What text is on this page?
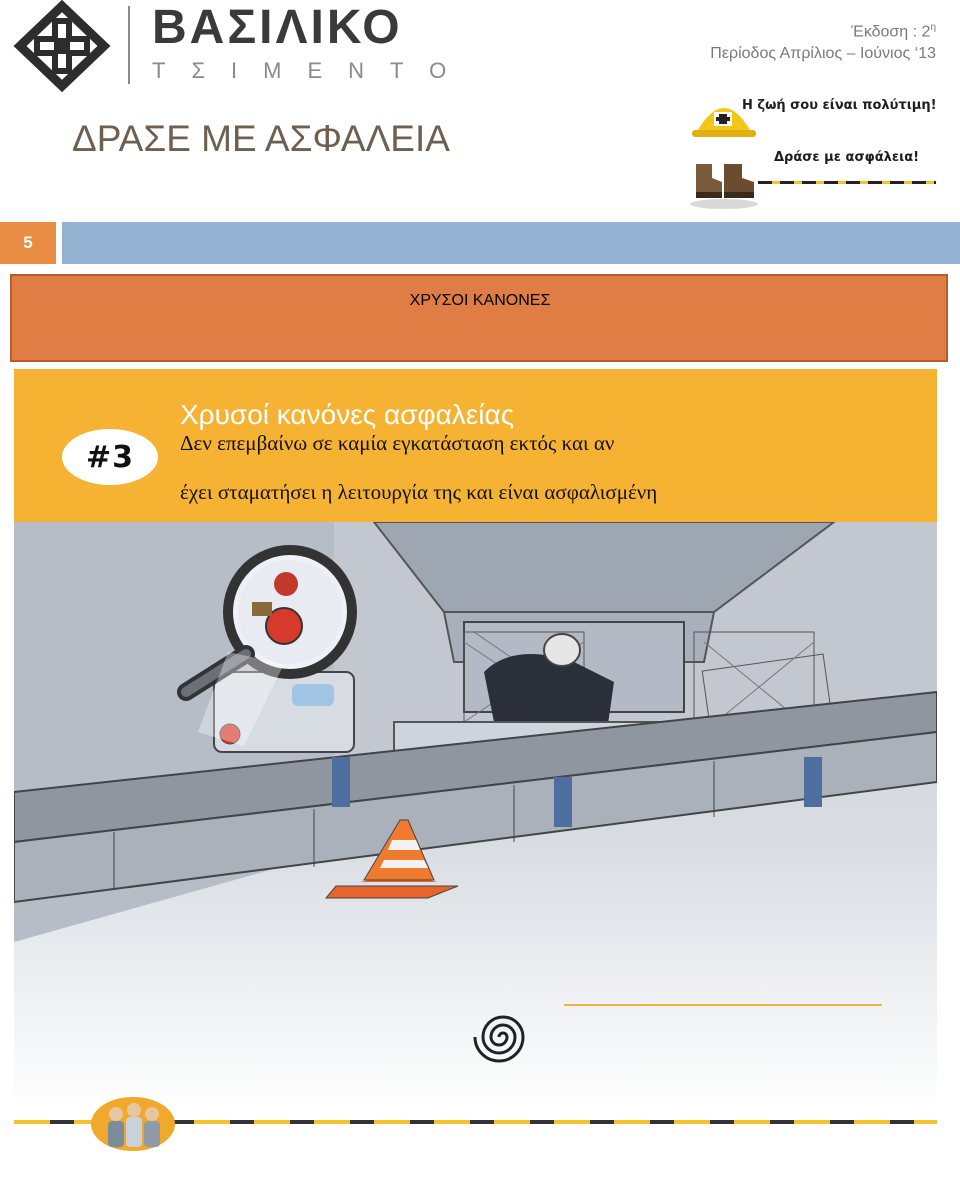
ΒΑΣΙΛΙΚΟ
ΤΣΙΜΕΝΤΟ
Έκδοση : $2^\eta$
Περίοδος Απρίλιος – Ιούνιος ‘13
ΔΡΑΣΕ ΜΕ ΑΣΦΑΛΕΙΑ
Η ζωή σου είναι πολύτιμη!
Δράσε με ασφάλεια!
5
ΧΡΥΣΟΙ ΚΑΝΟΝΕΣ
#3
Χρυσοί κανόνες ασφαλείας
Δεν επεμβαίνω σε καμία εγκατάσταση εκτός και αν
έχει σταματήσει η λειτουργία της και είναι ασφαλισμένη
